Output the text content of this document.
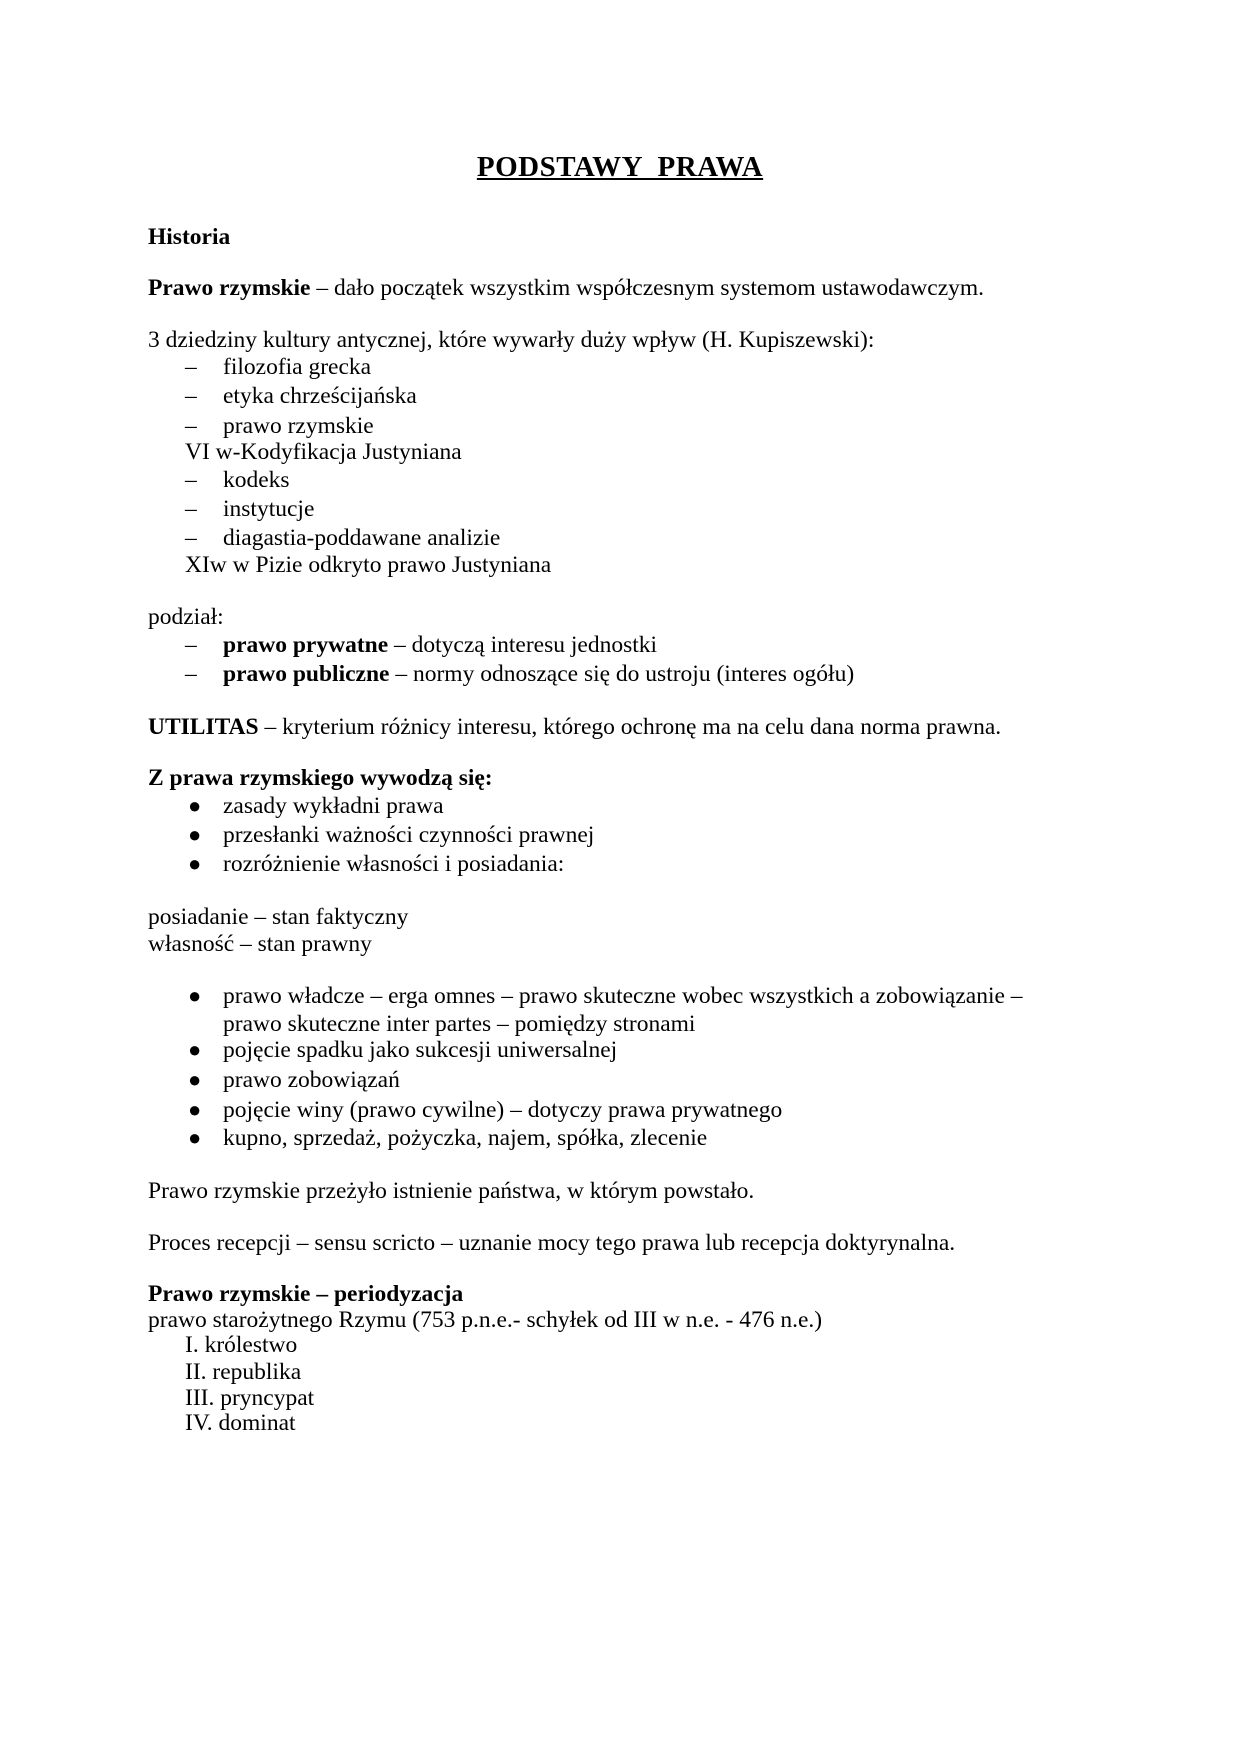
PODSTAWY  PRAWA
Historia
Prawo rzymskie – dało początek wszystkim współczesnym systemom ustawodawczym.
3 dziedziny kultury antycznej, które wywarły duży wpływ (H. Kupiszewski):
– filozofia grecka
– etyka chrześcijańska
– prawo rzymskie
VI w-Kodyfikacja Justyniana
– kodeks
– instytucje
– diagastia-poddawane analizie
XIw w Pizie odkryto prawo Justyniana
podział:
– prawo prywatne – dotyczą interesu jednostki
– prawo publiczne – normy odnoszące się do ustroju (interes ogółu)
UTILITAS – kryterium różnicy interesu, którego ochronę ma na celu dana norma prawna.
Z prawa rzymskiego wywodzą się:
● zasady wykładni prawa
● przesłanki ważności czynności prawnej
● rozróżnienie własności i posiadania:
posiadanie – stan faktyczny
własność – stan prawny
● prawo władcze – erga omnes – prawo skuteczne wobec wszystkich a zobowiązanie –
prawo skuteczne inter partes – pomiędzy stronami
● pojęcie spadku jako sukcesji uniwersalnej
● prawo zobowiązań
● pojęcie winy (prawo cywilne) – dotyczy prawa prywatnego
● kupno, sprzedaż, pożyczka, najem, spółka, zlecenie
Prawo rzymskie przeżyło istnienie państwa, w którym powstało.
Proces recepcji – sensu scricto – uznanie mocy tego prawa lub recepcja doktyrynalna.
Prawo rzymskie – periodyzacja
prawo starożytnego Rzymu (753 p.n.e.- schyłek od III w n.e. - 476 n.e.)
I. królestwo
II. republika
III. pryncypat
IV. dominat
